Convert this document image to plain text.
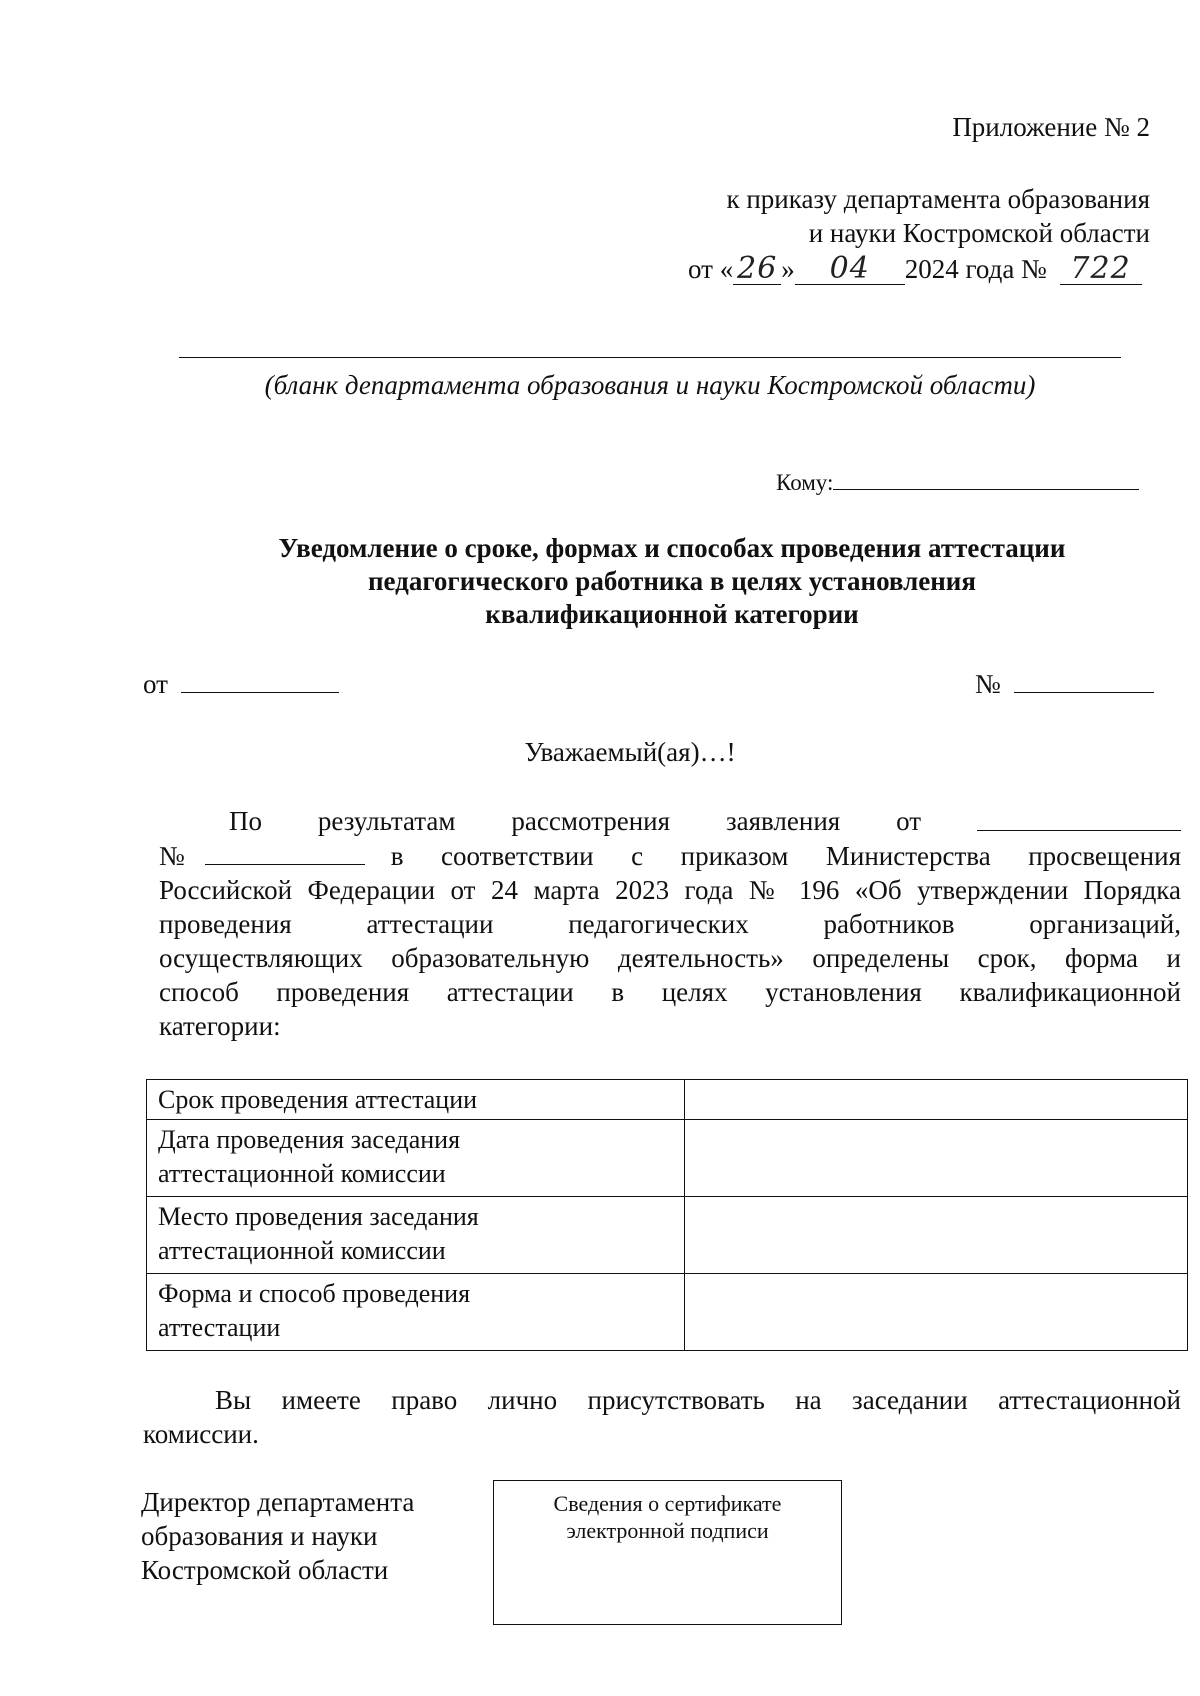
Приложение № 2
к приказу департамента образования
и науки Костромской области
от « 26 » 04 2024 года № 722
(бланк департамента образования и науки Костромской области)
Кому:
Уведомление о сроке, формах и способах проведения аттестации
педагогического работника в целях установления
квалификационной категории
от	№
Уважаемый(ая)…!
По результатам рассмотрения заявления от
№	в соответствии с приказом Министерства просвещения
Российской Федерации от 24 марта 2023 года № 196 «Об утверждении Порядка
проведения аттестации педагогических работников организаций,
осуществляющих образовательную деятельность» определены срок, форма и
способ проведения аттестации в целях установления квалификационной
категории:
Срок проведения аттестации	

Дата проведения заседания
аттестационной комиссии	

Место проведения заседания
аттестационной комиссии	

Форма и способ проведения
аттестации	

Вы имеете право лично присутствовать на заседании аттестационной
комиссии.
Директор департамента
образования и науки
Костромской области
Сведения о сертификате
электронной подписи
